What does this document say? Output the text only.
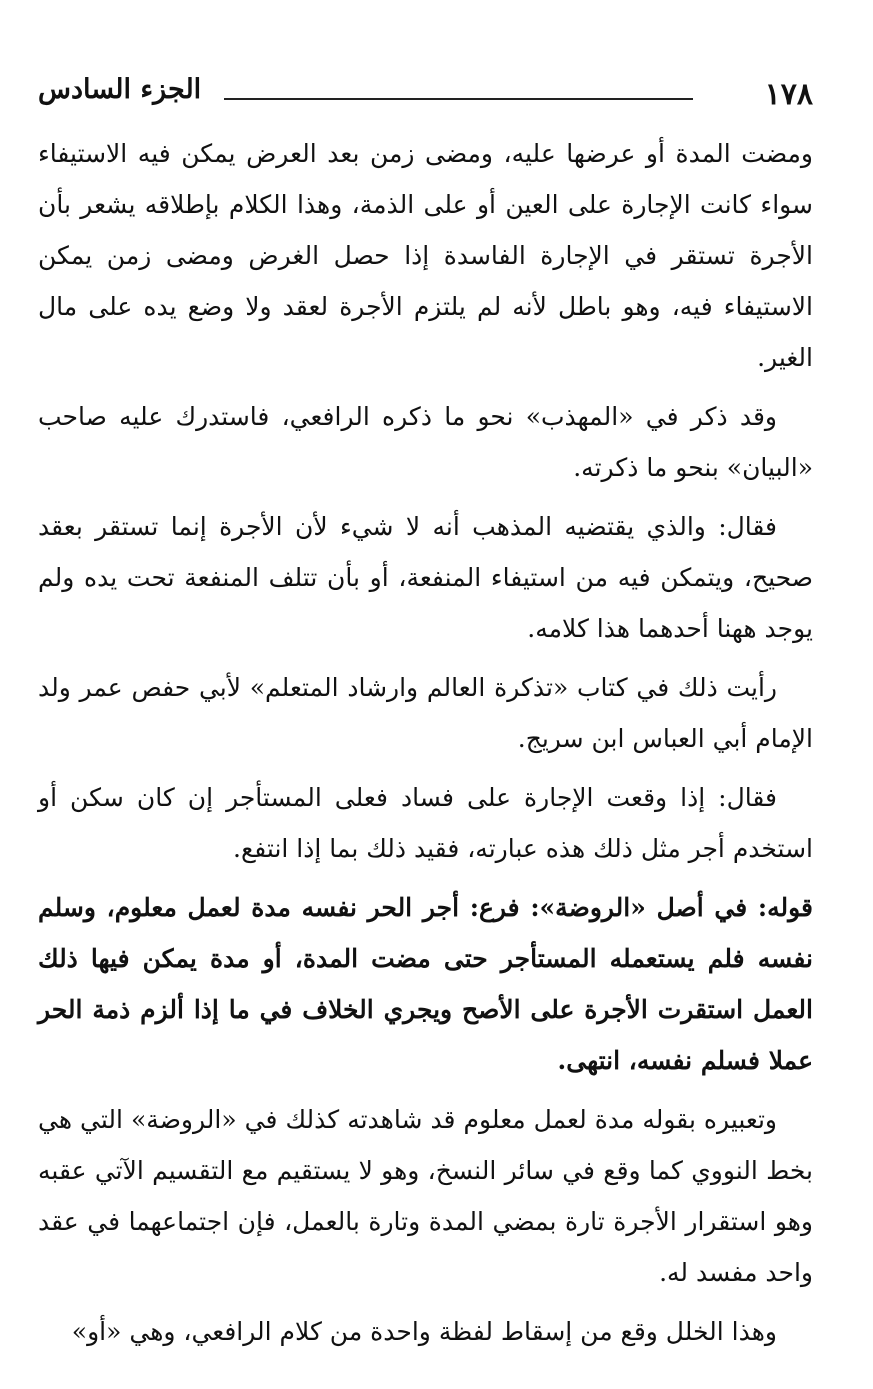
١٧٨
الجزء السادس

ومضت المدة أو عرضها عليه، ومضى زمن بعد العرض يمكن فيه الاستيفاء سواء كانت الإجارة على العين أو على الذمة، وهذا الكلام بإطلاقه يشعر بأن الأجرة تستقر في الإجارة الفاسدة إذا حصل الغرض ومضى زمن يمكن الاستيفاء فيه، وهو باطل لأنه لم يلتزم الأجرة لعقد ولا وضع يده على مال الغير.

وقد ذكر في «المهذب» نحو ما ذكره الرافعي، فاستدرك عليه صاحب «البيان» بنحو ما ذكرته.

فقال: والذي يقتضيه المذهب أنه لا شيء لأن الأجرة إنما تستقر بعقد صحيح، ويتمكن فيه من استيفاء المنفعة، أو بأن تتلف المنفعة تحت يده ولم يوجد ههنا أحدهما هذا كلامه.

رأيت ذلك في كتاب «تذكرة العالم وارشاد المتعلم» لأبي حفص عمر ولد الإمام أبي العباس ابن سريج.

فقال: إذا وقعت الإجارة على فساد فعلى المستأجر إن كان سكن أو استخدم أجر مثل ذلك هذه عبارته، فقيد ذلك بما إذا انتفع.

قوله: في أصل «الروضة»: فرع: أجر الحر نفسه مدة لعمل معلوم، وسلم نفسه فلم يستعمله المستأجر حتى مضت المدة، أو مدة يمكن فيها ذلك العمل استقرت الأجرة على الأصح ويجري الخلاف في ما إذا ألزم ذمة الحر عملا فسلم نفسه، انتهى.

وتعبيره بقوله مدة لعمل معلوم قد شاهدته كذلك في «الروضة» التي هي بخط النووي كما وقع في سائر النسخ، وهو لا يستقيم مع التقسيم الآتي عقبه وهو استقرار الأجرة تارة بمضي المدة وتارة بالعمل، فإن اجتماعهما في عقد واحد مفسد له.

وهذا الخلل وقع من إسقاط لفظة واحدة من كلام الرافعي، وهي «أو»
